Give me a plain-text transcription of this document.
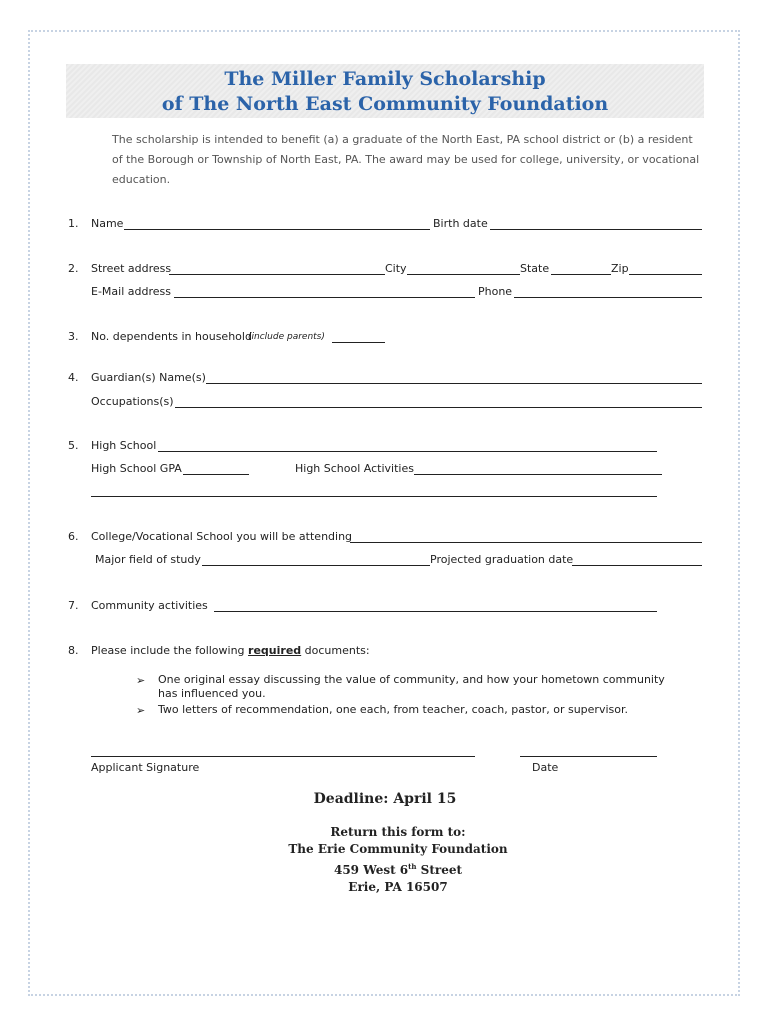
The Miller Family Scholarship

of The North East Community Foundation

The scholarship is intended to benefit (a) a graduate of the North East, PA school district or (b) a resident of the Borough or Township of North East, PA. The award may be used for college, university, or vocational education.
1. Name	Birth date
2. Street address	City	State	Zip
E-Mail address	Phone
3. No. dependents in household
(include parents)
4. Guardian(s) Name(s)
Occupations(s)
5. High School
High School GPA	High School Activities
6. College/Vocational School you will be attending
Major field of study	Projected graduation date
7. Community activities
8. Please include the following required documents:
➢ One original essay discussing the value of community, and how your hometown community has influenced you.
➢ Two letters of recommendation, one each, from teacher, coach, pastor, or supervisor.
Applicant Signature	Date
Deadline: April 15
Return this form to:
The Erie Community Foundation
459 West 6th Street
Erie, PA 16507
